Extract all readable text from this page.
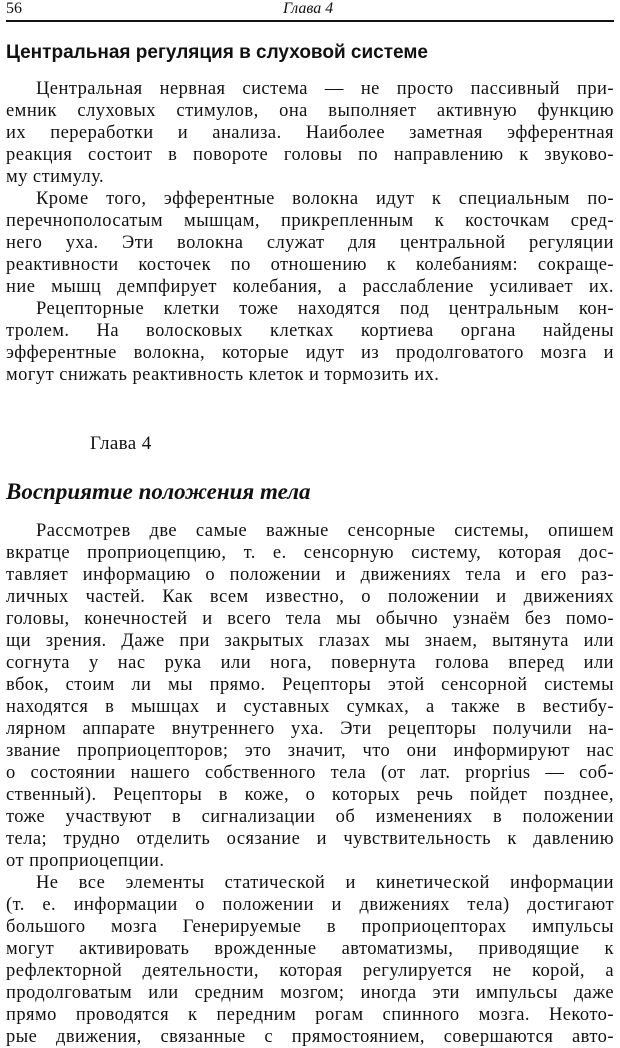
56	Глава 4
Центральная регуляция в слуховой системе
Центральная нервная система — не просто пассивный при-
емник слуховых стимулов, она выполняет активную функцию
их переработки и анализа. Наиболее заметная эфферентная
реакция состоит в повороте головы по направлению к звуково-
му стимулу.
Кроме того, эфферентные волокна идут к специальным по-
перечнополосатым мышцам, прикрепленным к косточкам сред-
него уха. Эти волокна служат для центральной регуляции
реактивности косточек по отношению к колебаниям: сокраще-
ние мышц демпфирует колебания, а расслабление усиливает их.
Рецепторные клетки тоже находятся под центральным кон-
тролем. На волосковых клетках кортиева органа найдены
эфферентные волокна, которые идут из продолговатого мозга и
могут снижать реактивность клеток и тормозить их.
Глава 4
Восприятие положения тела
Рассмотрев две самые важные сенсорные системы, опишем
вкратце проприоцепцию, т. е. сенсорную систему, которая дос-
тавляет информацию о положении и движениях тела и его раз-
личных частей. Как всем известно, о положении и движениях
головы, конечностей и всего тела мы обычно узнаём без помо-
щи зрения. Даже при закрытых глазах мы знаем, вытянута или
согнута у нас рука или нога, повернута голова вперед или
вбок, стоим ли мы прямо. Рецепторы этой сенсорной системы
находятся в мышцах и суставных сумках, а также в вестибу-
лярном аппарате внутреннего уха. Эти рецепторы получили на-
звание проприоцепторов; это значит, что они информируют нас
о состоянии нашего собственного тела (от лат. proprius — соб-
ственный). Рецепторы в коже, о которых речь пойдет позднее,
тоже участвуют в сигнализации об изменениях в положении
тела; трудно отделить осязание и чувствительность к давлению
от проприоцепции.
Не все элементы статической и кинетической информации
(т. е. информации о положении и движениях тела) достигают
большого мозга Генерируемые в проприоцепторах импульсы
могут активировать врожденные автоматизмы, приводящие к
рефлекторной деятельности, которая регулируется не корой, а
продолговатым или средним мозгом; иногда эти импульсы даже
прямо проводятся к передним рогам спинного мозга. Некото-
рые движения, связанные с прямостоянием, совершаются авто-
